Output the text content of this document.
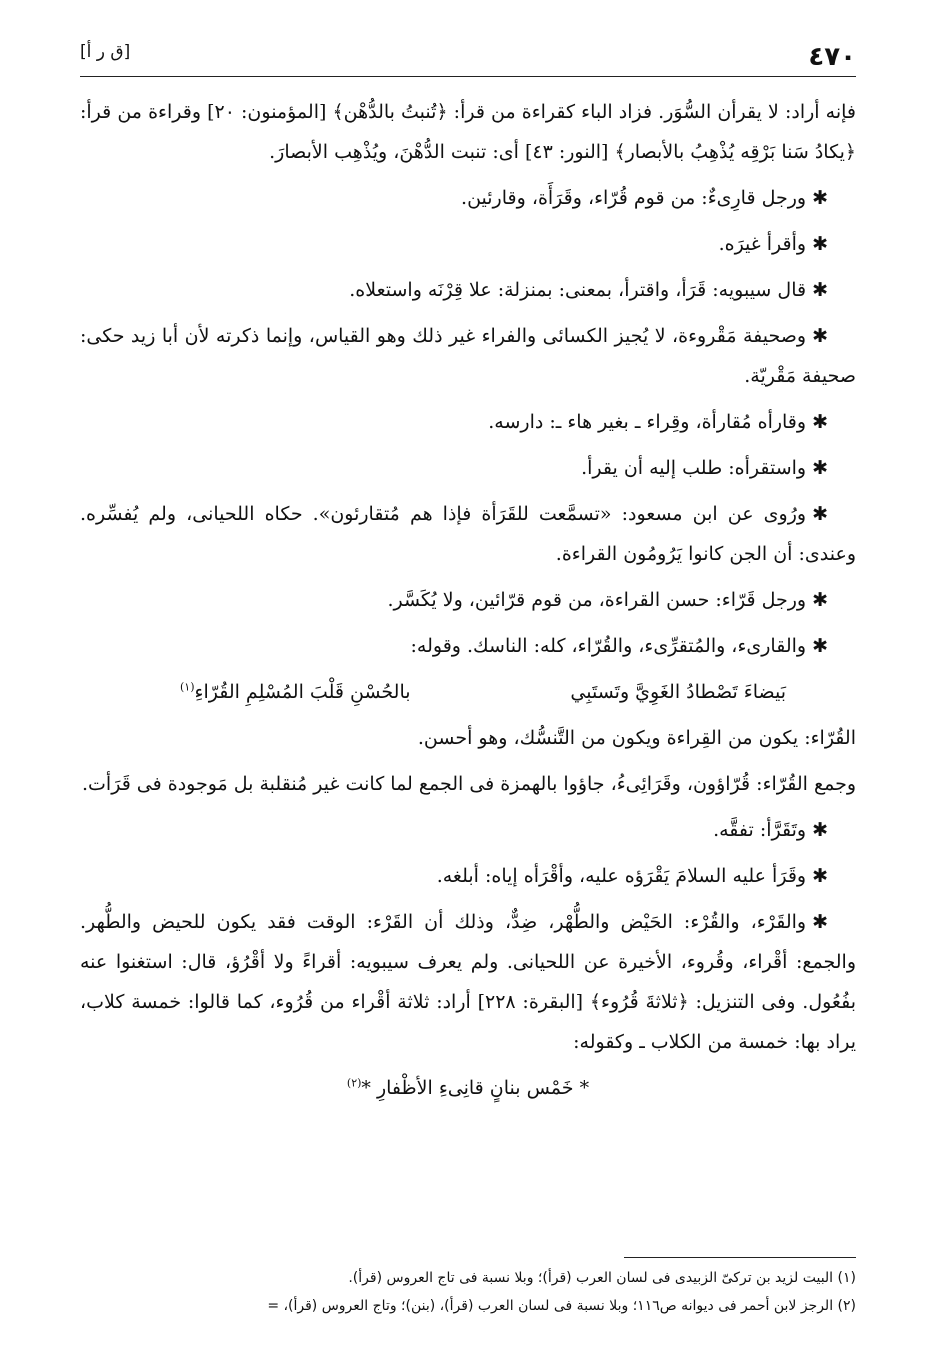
[ق ر أ]	٤٧٠

فإنه أراد: لا يقرأن السُّوَر. فزاد الباء كقراءة من قرأ: ﴿تُنبتُ بالدُّهْن﴾ [المؤمنون: ٢٠] وقراءة من قرأ: ﴿يكادُ سَنا بَرْقِه يُذْهِبُ بالأبصار﴾ [النور: ٤٣] أى: تنبت الدُّهْنَ، ويُذْهِب الأبصارَ.

✱ورجل قارِىءٌ: من قوم قُرّاء، وقَرَأَة، وقارئين.

✱وأقرأ غيرَه.

✱قال سيبويه: قَرَأ، واقترأ، بمعنى: بمنزلة: علا قِرْنَه واستعلاه.

✱وصحيفة مَقْروءة، لا يُجيز الكسائى والفراء غير ذلك وهو القياس، وإنما ذكرته لأن أبا زيد حكى: صحيفة مَقْريّة.

✱وقارأه مُقارأة، وقِراء ـ بغير هاء ـ: دارسه.

✱واستقرأه: طلب إليه أن يقرأ.

✱ورُوى عن ابن مسعود: «تسمَّعت للقَرَأة فإذا هم مُتقارئون». حكاه اللحيانى، ولم يُفسِّره. وعندى: أن الجن كانوا يَرُومُون القراءة.

✱ورجل قَرّاء: حسن القراءة، من قوم قرّائين، ولا يُكَسَّر.

✱والقارىء، والمُتقرِّىء، والقُرّاء، كله: الناسك. وقوله:

بَيضاءَ تَصْطادُ الغَوِيَّ وتَستَبِي
بالحُسْنِ قَلْبَ المُسْلِمِ القُرّاءِ$^{(١)}$

القُرّاء: يكون من القِراءة ويكون من التَّنسُّك، وهو أحسن.

وجمع القُرّاء: قُرّاؤون، وقَرَائِىءُ، جاؤوا بالهمزة فى الجمع لما كانت غير مُنقلبة بل مَوجودة فى قَرَأت.

✱وتَقَرَّأ: تفقَّه.

✱وقَرَأ عليه السلامَ يَقْرَؤه عليه، وأقْرَأه إياه: أبلغه.

✱والقَرْء، والقُرْء: الحَيْض والطُّهْر، ضِدٌّ، وذلك أن القَرْء: الوقت فقد يكون للحيض والطُّهر. والجمع: أقْراء، وقُروء، الأخيرة عن اللحيانى. ولم يعرف سيبويه: أقراءً ولا أقْرُؤ، قال: استغنوا عنه بفُعُول. وفى التنزيل: ﴿ثلاثةَ قُرُوء﴾ [البقرة: ٢٢٨] أراد: ثلاثة أقْراء من قُرُوء، كما قالوا: خمسة كلاب، يراد بها: خمسة من الكلاب ـ وكقوله:

* خَمْس بنانٍ قانِىءِ الأظْفارِ *$^{(٢)}$

(١) البيت لزيد بن تركىّ الزبيدى فى لسان العرب (قرأ)؛ وبلا نسبة فى تاج العروس (قرأ).

(٢) الرجز لابن أحمر فى ديوانه ص١١٦؛ وبلا نسبة فى لسان العرب (قرأ)، (بنن)؛ وتاج العروس (قرأ)، =
